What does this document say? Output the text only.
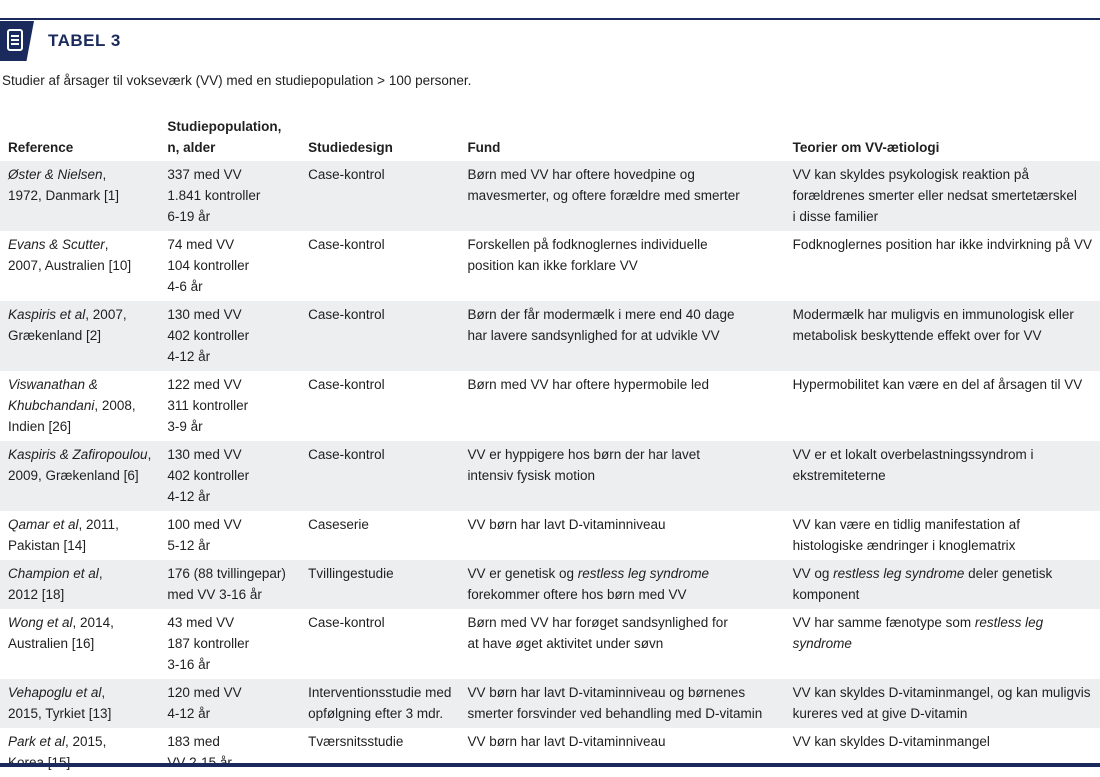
TABEL 3
Studier af årsager til vokseværk (VV) med en studiepopulation > 100 personer.
Reference	Studiepopulation,
n, alder	Studiedesign	Fund	Teorier om VV-ætiologi

Øster & Nielsen,
1972, Danmark [1]	337 med VV
1.841 kontroller
6-19 år	Case-kontrol	Børn med VV har oftere hovedpine og
mavesmerter, og oftere forældre med smerter	VV kan skyldes psykologisk reaktion på
forældrenes smerter eller nedsat smertetærskel
i disse familier

Evans & Scutter,
2007, Australien [10]	74 med VV
104 kontroller
4-6 år	Case-kontrol	Forskellen på fodknoglernes individuelle
position kan ikke forklare VV	Fodknoglernes position har ikke indvirkning på VV

Kaspiris et al, 2007,
Grækenland [2]	130 med VV
402 kontroller
4-12 år	Case-kontrol	Børn der får modermælk i mere end 40 dage
har lavere sandsynlighed for at udvikle VV	Modermælk har muligvis en immunologisk eller
metabolisk beskyttende effekt over for VV

Viswanathan &
Khubchandani, 2008,
Indien [26]	122 med VV
311 kontroller
3-9 år	Case-kontrol	Børn med VV har oftere hypermobile led	Hypermobilitet kan være en del af årsagen til VV

Kaspiris & Zafiropoulou,
2009, Grækenland [6]	130 med VV
402 kontroller
4-12 år	Case-kontrol	VV er hyppigere hos børn der har lavet
intensiv fysisk motion	VV er et lokalt overbelastningssyndrom i
ekstremiteterne

Qamar et al, 2011,
Pakistan [14]	100 med VV
5-12 år	Caseserie	VV børn har lavt D-vitaminniveau	VV kan være en tidlig manifestation af
histologiske ændringer i knoglematrix

Champion et al,
2012 [18]	176 (88 tvillingepar)
med VV 3-16 år	Tvillingestudie	VV er genetisk og restless leg syndrome
forekommer oftere hos børn med VV	VV og restless leg syndrome deler genetisk
komponent

Wong et al, 2014,
Australien [16]	43 med VV
187 kontroller
3-16 år	Case-kontrol	Børn med VV har forøget sandsynlighed for
at have øget aktivitet under søvn	VV har samme fænotype som restless leg
syndrome

Vehapoglu et al,
2015, Tyrkiet [13]	120 med VV
4-12 år	Interventionsstudie med
opfølgning efter 3 mdr.	VV børn har lavt D-vitaminniveau og børnenes
smerter forsvinder ved behandling med D-vitamin	VV kan skyldes D-vitaminmangel, og kan muligvis
kureres ved at give D-vitamin

Park et al, 2015,	183 med	Tværsnitsstudie	VV børn har lavt D-vitaminniveau	VV kan skyldes D-vitaminmangel
